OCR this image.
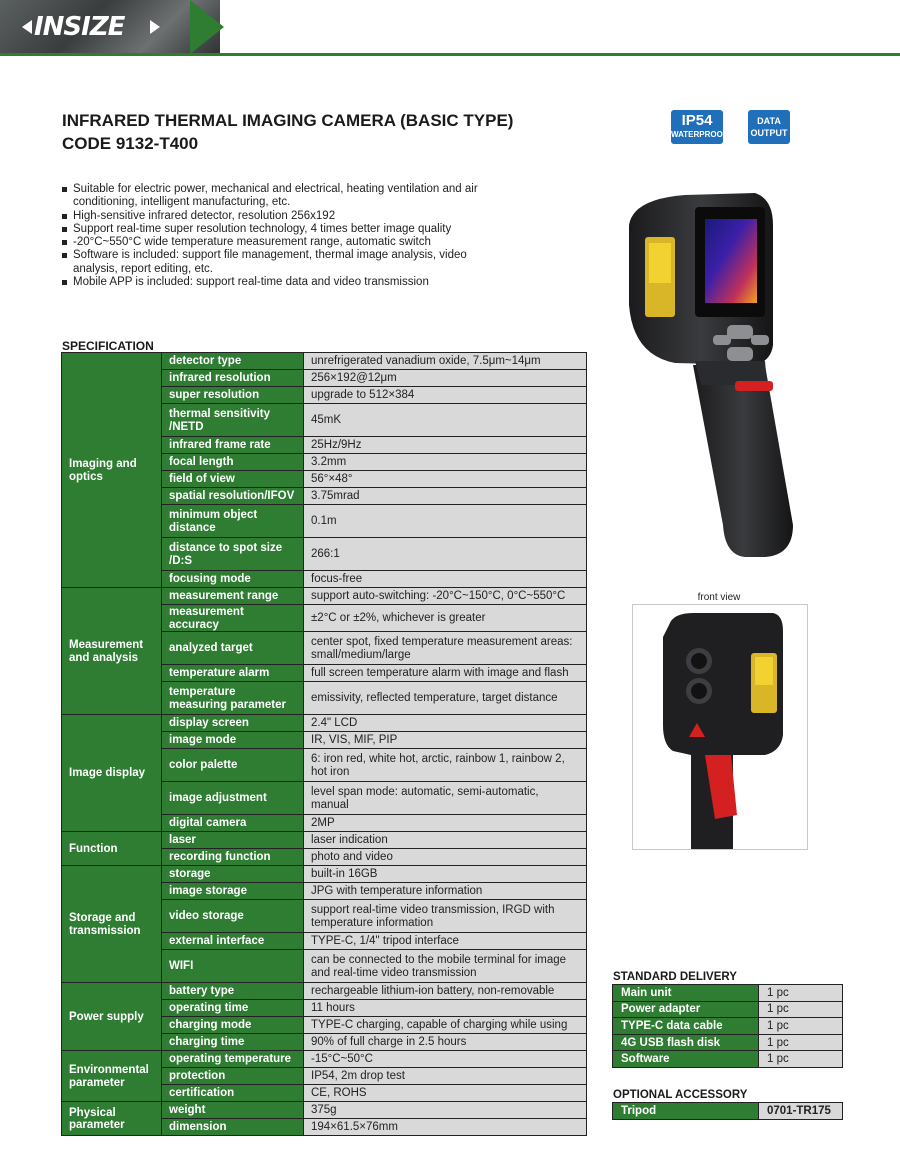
INSIZE
INFRARED THERMAL IMAGING CAMERA (BASIC TYPE)
CODE 9132-T400
IP54
WATERPROOF
DATA OUTPUT
Suitable for electric power, mechanical and electrical, heating ventilation and air conditioning, intelligent manufacturing, etc.
High-sensitive infrared detector, resolution 256x192
Support real-time super resolution technology, 4 times better image quality
-20°C~550°C wide temperature measurement range, automatic switch
Software is included: support file management, thermal image analysis, video analysis, report editing, etc.
Mobile APP is included: support real-time data and video transmission
front view
SPECIFICATION
Imaging and optics	detector type	unrefrigerated vanadium oxide, 7.5μm~14μm
	infrared resolution	256×192@12μm
	super resolution	upgrade to 512×384
	thermal sensitivity /NETD	45mK
	infrared frame rate	25Hz/9Hz
	focal length	3.2mm
	field of view	56°×48°
	spatial resolution/IFOV	3.75mrad
	minimum object distance	0.1m
	distance to spot size /D:S	266:1
	focusing mode	focus-free
Measurement and analysis	measurement range	support auto-switching: -20°C~150°C, 0°C~550°C
	measurement accuracy	±2°C or ±2%, whichever is greater
	analyzed target	center spot, fixed temperature measurement areas: small/medium/large
	temperature alarm	full screen temperature alarm with image and flash
	temperature measuring parameter	emissivity, reflected temperature, target distance
Image display	display screen	2.4" LCD
	image mode	IR, VIS, MIF, PIP
	color palette	6: iron red, white hot, arctic, rainbow 1, rainbow 2, hot iron
	image adjustment	level span mode: automatic, semi-automatic, manual
	digital camera	2MP
Function	laser	laser indication
	recording function	photo and video
Storage and transmission	storage	built-in 16GB
	image storage	JPG with temperature information
	video storage	support real-time video transmission, IRGD with temperature information
	external interface	TYPE-C, 1/4" tripod interface
	WIFI	can be connected to the mobile terminal for image and real-time video transmission
Power supply	battery type	rechargeable lithium-ion battery, non-removable
	operating time	11 hours
	charging mode	TYPE-C charging, capable of charging while using
	charging time	90% of full charge in 2.5 hours
Environmental parameter	operating temperature	-15°C~50°C
	protection	IP54, 2m drop test
	certification	CE, ROHS
Physical parameter	weight	375g
	dimension	194×61.5×76mm
STANDARD DELIVERY
Main unit	1 pc
Power adapter	1 pc
TYPE-C data cable	1 pc
4G USB flash disk	1 pc
Software	1 pc
OPTIONAL ACCESSORY
Tripod	0701-TR175
